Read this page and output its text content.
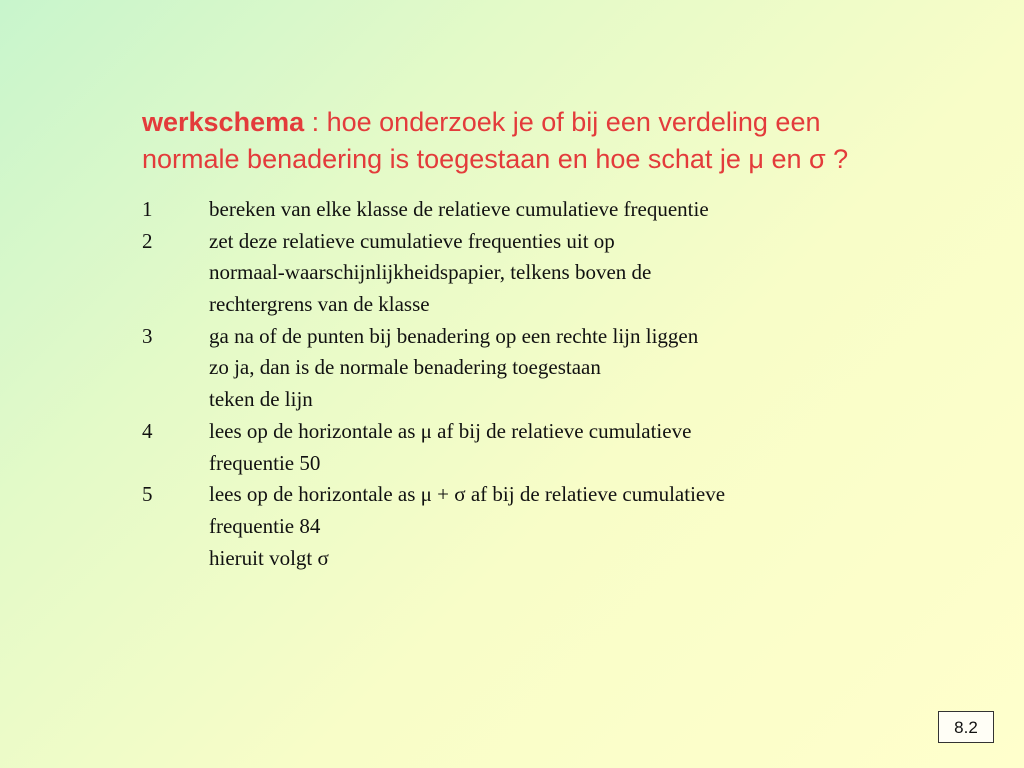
werkschema : hoe onderzoek je of bij een verdeling een
normale benadering is toegestaan en hoe schat je μ en σ ?
1	bereken van elke klasse de relatieve cumulatieve frequentie
2	zet deze relatieve cumulatieve frequenties uit op
normaal-waarschijnlijkheidspapier, telkens boven de
rechtergrens van de klasse
3	ga na of de punten bij benadering op een rechte lijn liggen
zo ja, dan is de normale benadering toegestaan
teken de lijn
4	lees op de horizontale as μ af bij de relatieve cumulatieve
frequentie 50
5	lees op de horizontale as μ + σ af bij de relatieve cumulatieve
frequentie 84
hieruit volgt σ
8.2
